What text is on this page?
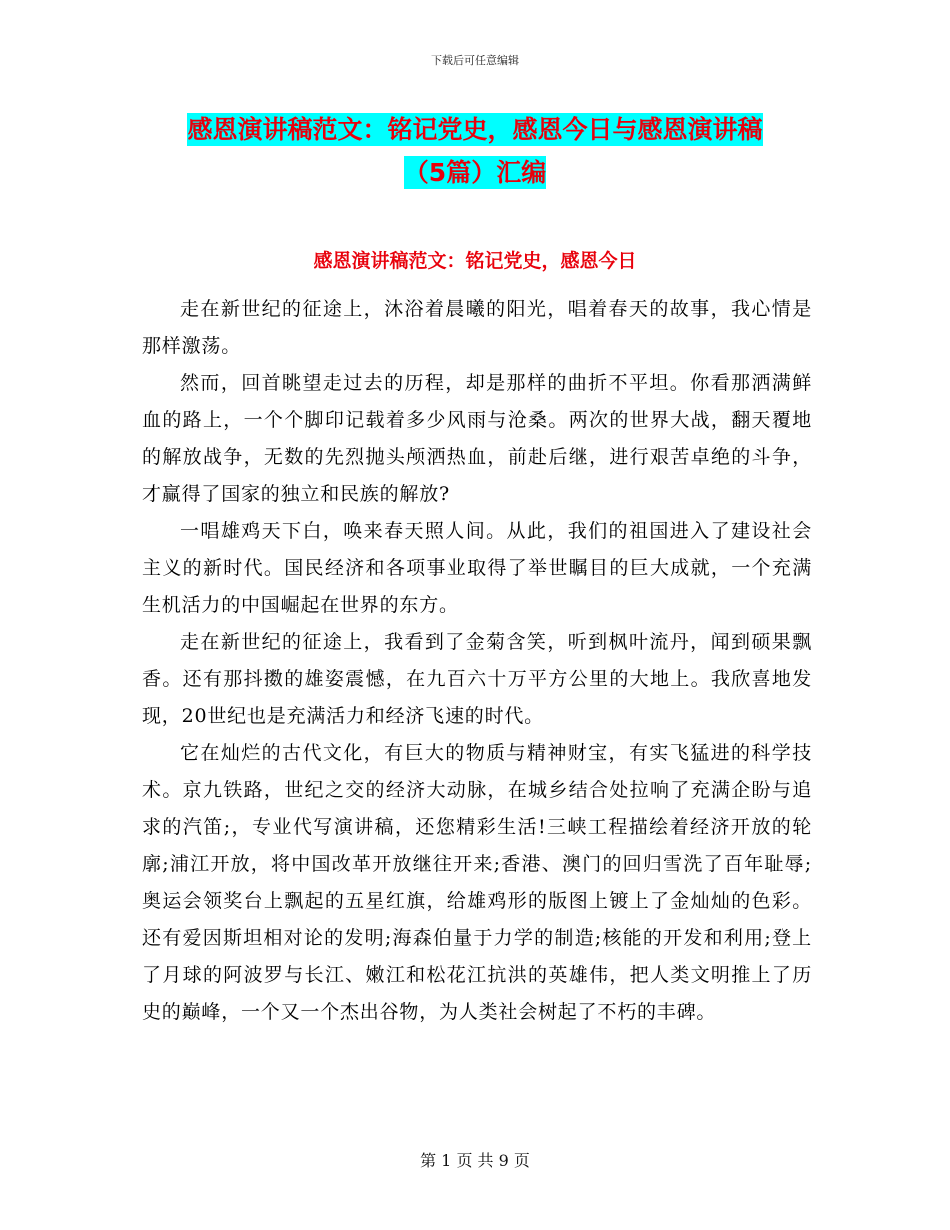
下载后可任意编辑
感恩演讲稿范文：铭记党史，感恩今日与感恩演讲稿
（5篇）汇编
感恩演讲稿范文：铭记党史，感恩今日

走在新世纪的征途上，沐浴着晨曦的阳光，唱着春天的故事，我心情是那样激荡。

然而，回首眺望走过去的历程，却是那样的曲折不平坦。你看那洒满鲜血的路上，一个个脚印记载着多少风雨与沧桑。两次的世界大战，翻天覆地的解放战争，无数的先烈抛头颅洒热血，前赴后继，进行艰苦卓绝的斗争，才赢得了国家的独立和民族的解放?

一唱雄鸡天下白，唤来春天照人间。从此，我们的祖国进入了建设社会主义的新时代。国民经济和各项事业取得了举世瞩目的巨大成就，一个充满生机活力的中国崛起在世界的东方。

走在新世纪的征途上，我看到了金菊含笑，听到枫叶流丹，闻到硕果飘香。还有那抖擞的雄姿震憾，在九百六十万平方公里的大地上。我欣喜地发现，20世纪也是充满活力和经济飞速的时代。

它在灿烂的古代文化，有巨大的物质与精神财宝，有实飞猛进的科学技术。京九铁路，世纪之交的经济大动脉，在城乡结合处拉响了充满企盼与追求的汽笛;，专业代写演讲稿，还您精彩生活!三峡工程描绘着经济开放的轮廓;浦江开放，将中国改革开放继往开来;香港、澳门的回归雪洗了百年耻辱;奥运会领奖台上飘起的五星红旗，给雄鸡形的版图上镀上了金灿灿的色彩。还有爱因斯坦相对论的发明;海森伯量于力学的制造;核能的开发和利用;登上了月球的阿波罗与长江、嫩江和松花江抗洪的英雄伟，把人类文明推上了历史的巅峰，一个又一个杰出谷物，为人类社会树起了不朽的丰碑。

第 1 页 共 9 页
